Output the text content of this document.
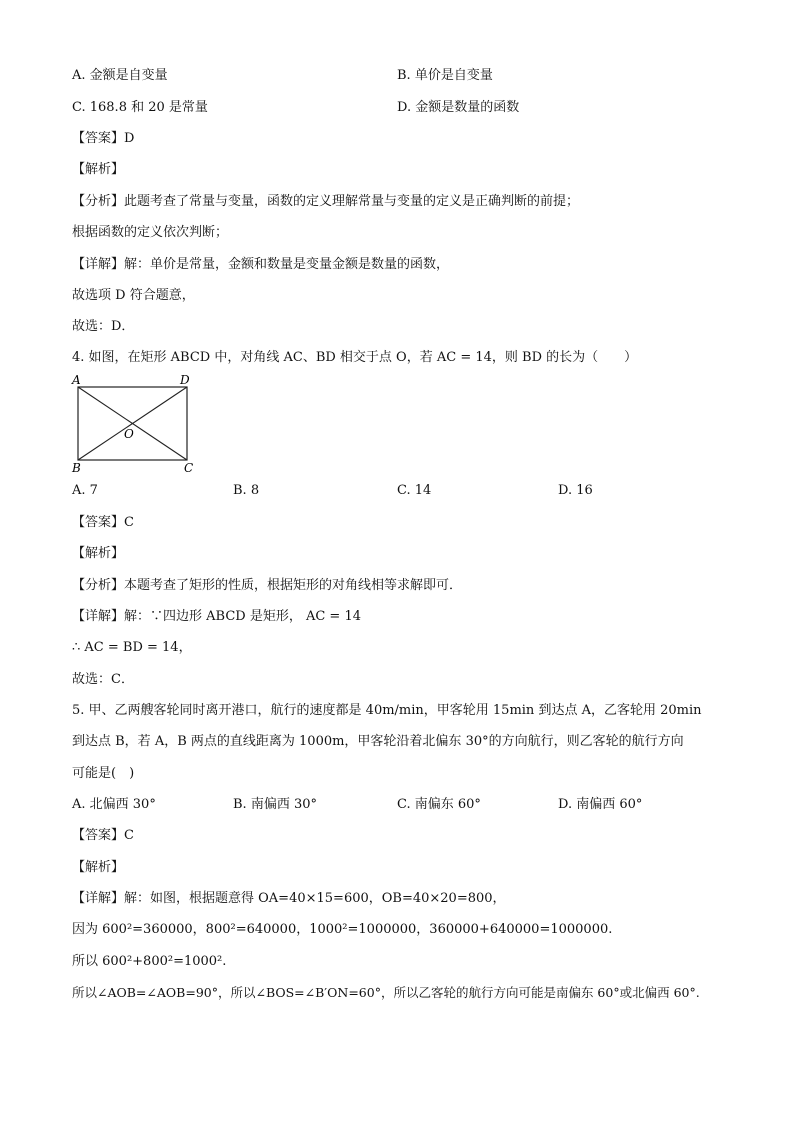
A. 金额是自变量	B. 单价是自变量
C. 168.8 和 20 是常量	D. 金额是数量的函数
【答案】D
【解析】
【分析】此题考查了常量与变量，函数的定义理解常量与变量的定义是正确判断的前提；
根据函数的定义依次判断；
【详解】解：单价是常量，金额和数量是变量金额是数量的函数，
故选项 D 符合题意，
故选：D．
4. 如图，在矩形 ABCD 中，对角线 AC、BD 相交于点 O，若 AC = 14，则 BD 的长为（　　）
A	D
B	C
O
A. 7	B. 8	C. 14	D. 16
【答案】C
【解析】
【分析】本题考查了矩形的性质，根据矩形的对角线相等求解即可．
【详解】解：∵四边形 ABCD 是矩形， AC = 14
∴ AC = BD = 14，
故选：C．
5. 甲、乙两艘客轮同时离开港口，航行的速度都是 40m/min，甲客轮用 15min 到达点 A，乙客轮用 20min
到达点 B，若 A，B 两点的直线距离为 1000m，甲客轮沿着北偏东 30°的方向航行，则乙客轮的航行方向
可能是(　)
A. 北偏西 30°	B. 南偏西 30°	C. 南偏东 60°	D. 南偏西 60°
【答案】C
【解析】
【详解】解：如图，根据题意得 OA=40×15=600，OB=40×20=800，
因为 600²=360000，800²=640000，1000²=1000000，360000+640000=1000000.
所以 600²+800²=1000².
所以∠AOB=∠AOB=90°，所以∠BOS=∠B′ON=60°，所以乙客轮的航行方向可能是南偏东 60°或北偏西 60°.
